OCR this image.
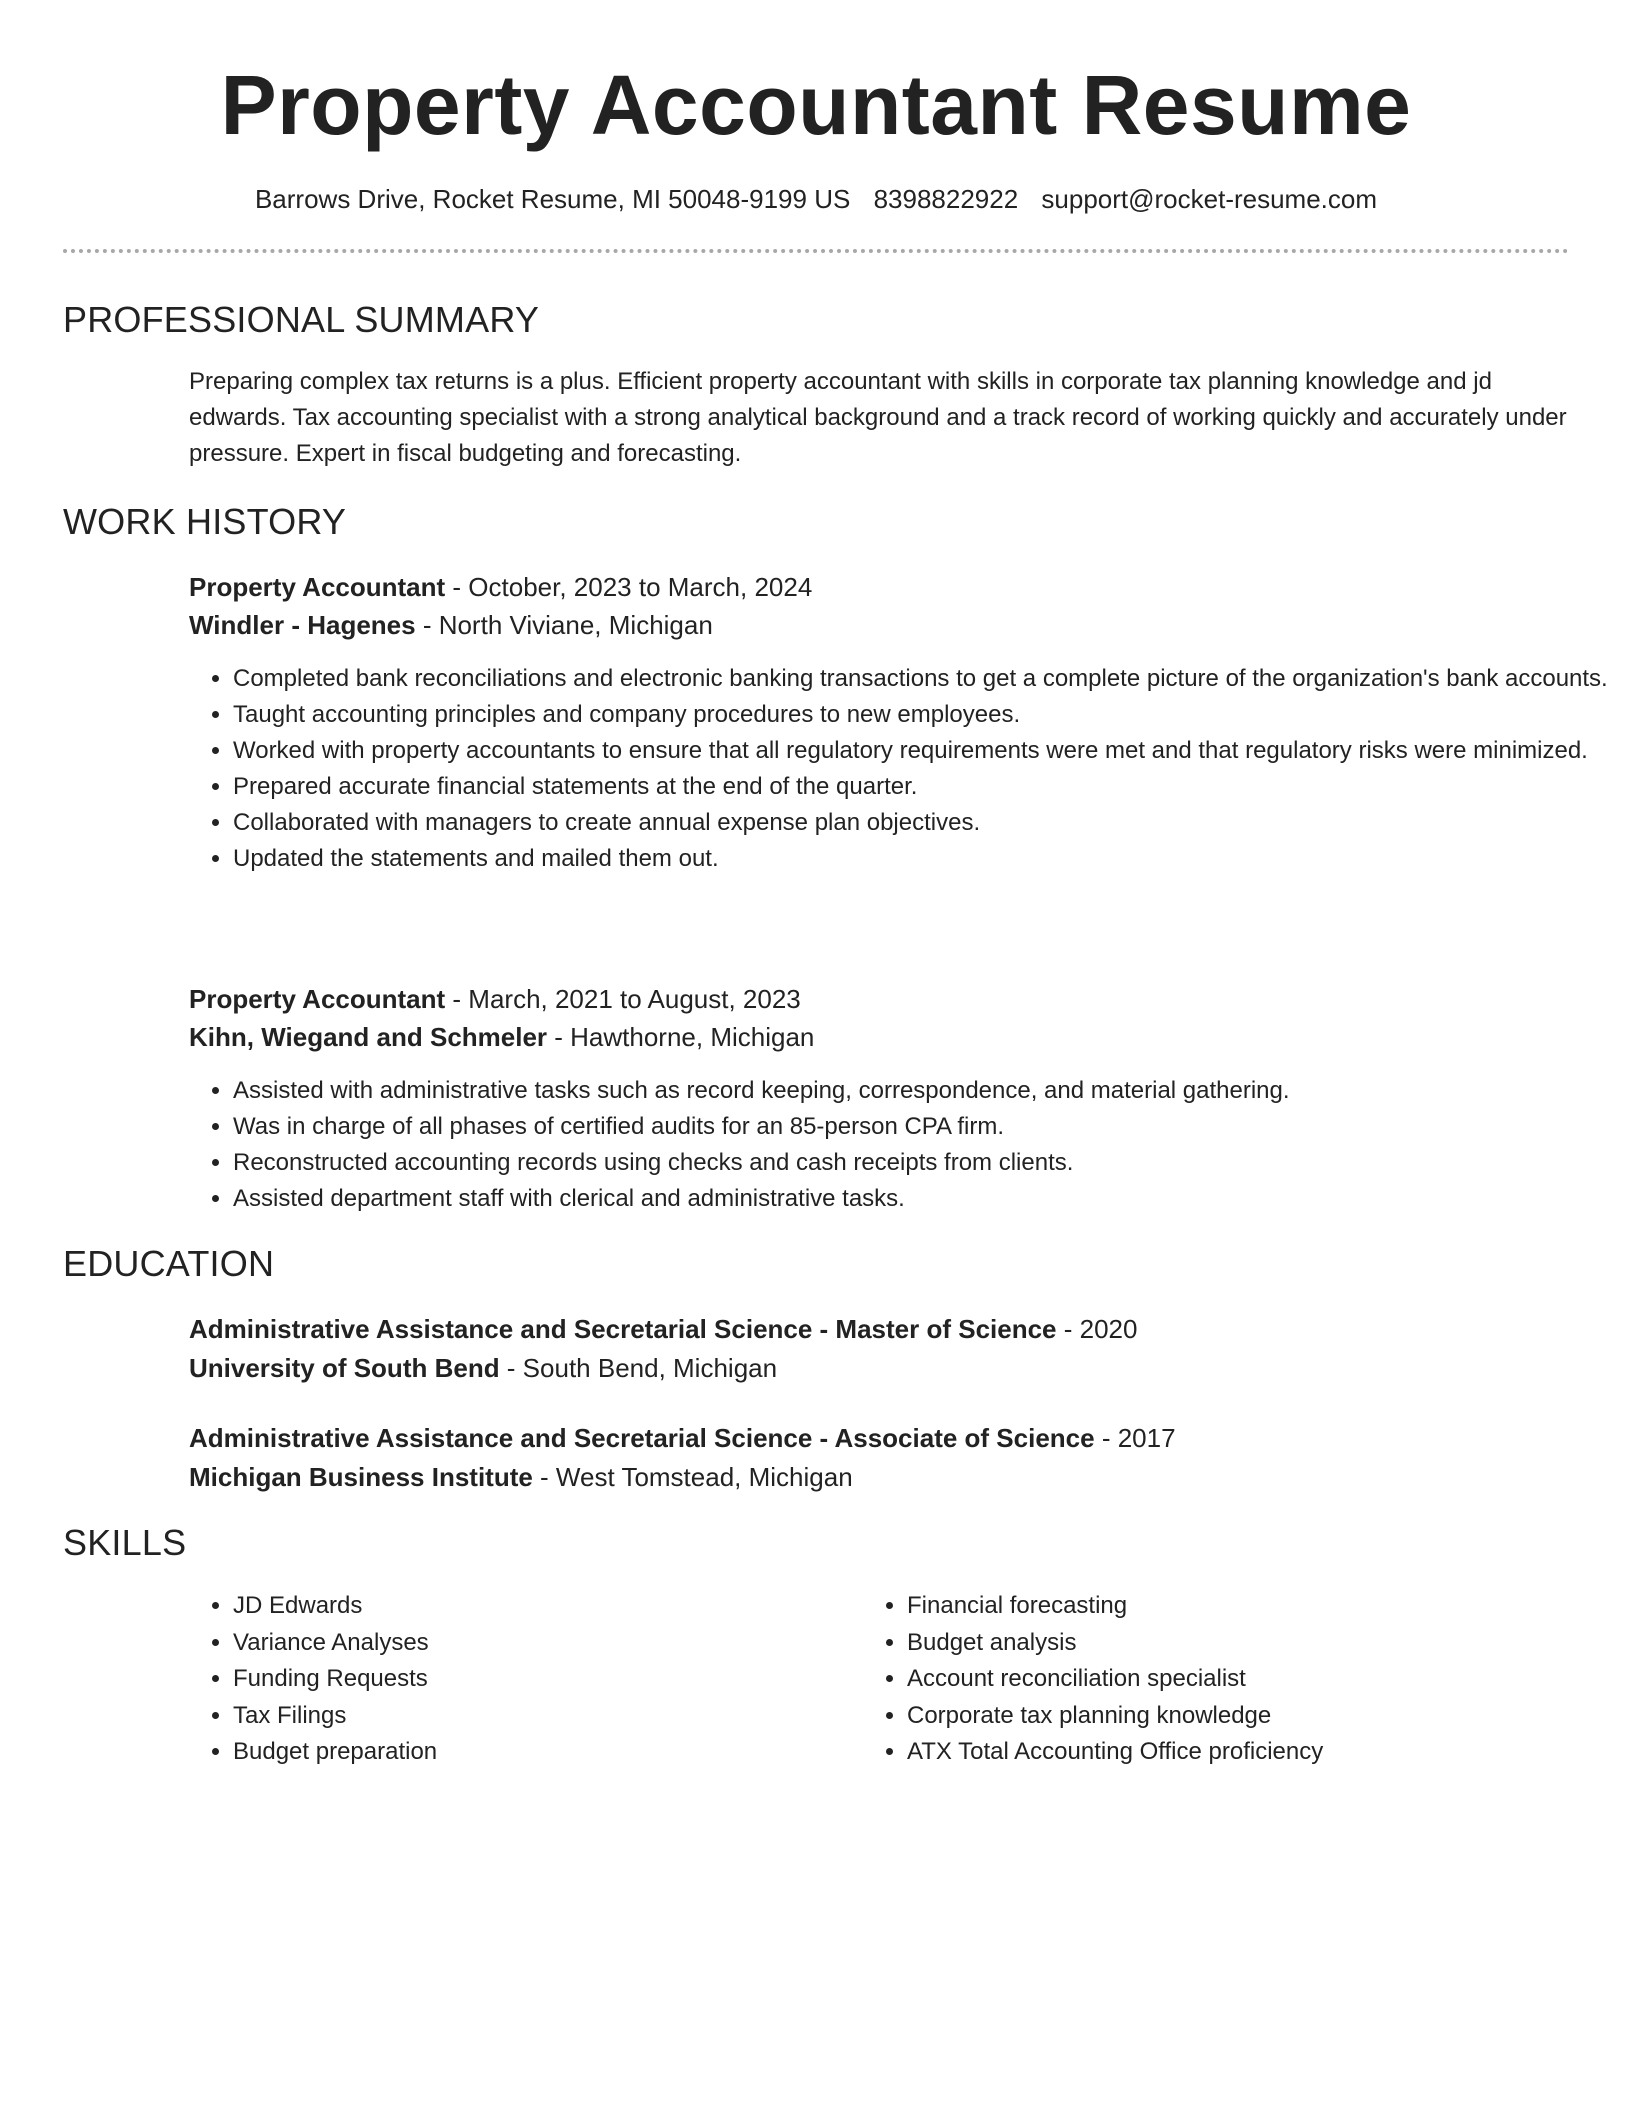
Property Accountant Resume
Barrows Drive, Rocket Resume, MI 50048-9199 US 8398822922 support@rocket-resume.com
PROFESSIONAL SUMMARY
Preparing complex tax returns is a plus. Efficient property accountant with skills in corporate tax planning knowledge and jd edwards. Tax accounting specialist with a strong analytical background and a track record of working quickly and accurately under pressure. Expert in fiscal budgeting and forecasting.
WORK HISTORY
Property Accountant - October, 2023 to March, 2024
Windler - Hagenes - North Viviane, Michigan
• Completed bank reconciliations and electronic banking transactions to get a complete picture of the organization's bank accounts.
• Taught accounting principles and company procedures to new employees.
• Worked with property accountants to ensure that all regulatory requirements were met and that regulatory risks were minimized.
• Prepared accurate financial statements at the end of the quarter.
• Collaborated with managers to create annual expense plan objectives.
• Updated the statements and mailed them out.
Property Accountant - March, 2021 to August, 2023
Kihn, Wiegand and Schmeler - Hawthorne, Michigan
• Assisted with administrative tasks such as record keeping, correspondence, and material gathering.
• Was in charge of all phases of certified audits for an 85-person CPA firm.
• Reconstructed accounting records using checks and cash receipts from clients.
• Assisted department staff with clerical and administrative tasks.
EDUCATION
Administrative Assistance and Secretarial Science - Master of Science - 2020
University of South Bend - South Bend, Michigan
Administrative Assistance and Secretarial Science - Associate of Science - 2017
Michigan Business Institute - West Tomstead, Michigan
SKILLS
• JD Edwards
• Variance Analyses
• Funding Requests
• Tax Filings
• Budget preparation
• Financial forecasting
• Budget analysis
• Account reconciliation specialist
• Corporate tax planning knowledge
• ATX Total Accounting Office proficiency
